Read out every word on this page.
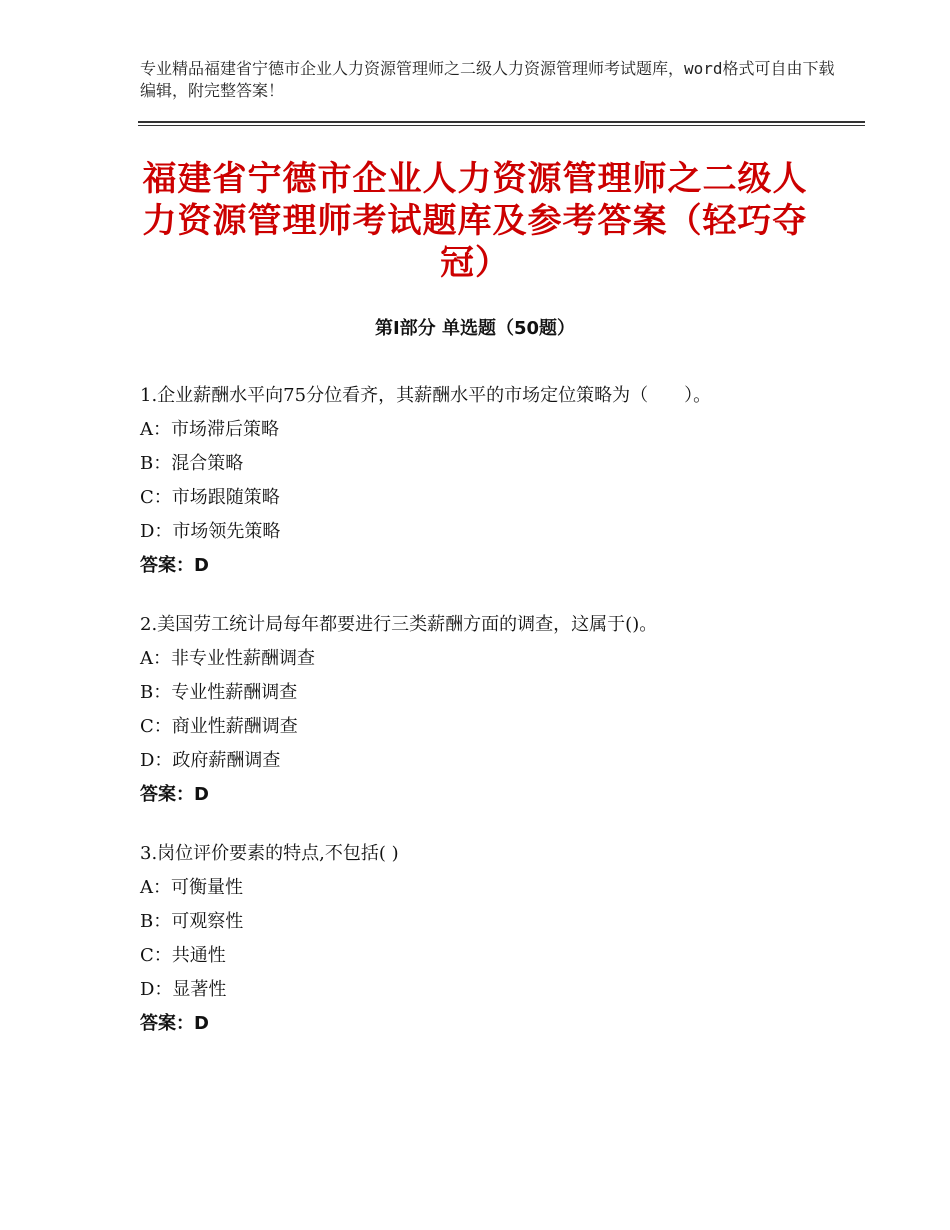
专业精品福建省宁德市企业人力资源管理师之二级人力资源管理师考试题库，word格式可自由下载编辑，附完整答案！
福建省宁德市企业人力资源管理师之二级人力资源管理师考试题库及参考答案（轻巧夺冠）
第Ⅰ部分 单选题（50题）
1.企业薪酬水平向75分位看齐，其薪酬水平的市场定位策略为（　　）。
A：市场滞后策略
B：混合策略
C：市场跟随策略
D：市场领先策略
答案：D
2.美国劳工统计局每年都要进行三类薪酬方面的调查，这属于()。
A：非专业性薪酬调查
B：专业性薪酬调查
C：商业性薪酬调查
D：政府薪酬调查
答案：D
3.岗位评价要素的特点,不包括( )
A：可衡量性
B：可观察性
C：共通性
D：显著性
答案：D
